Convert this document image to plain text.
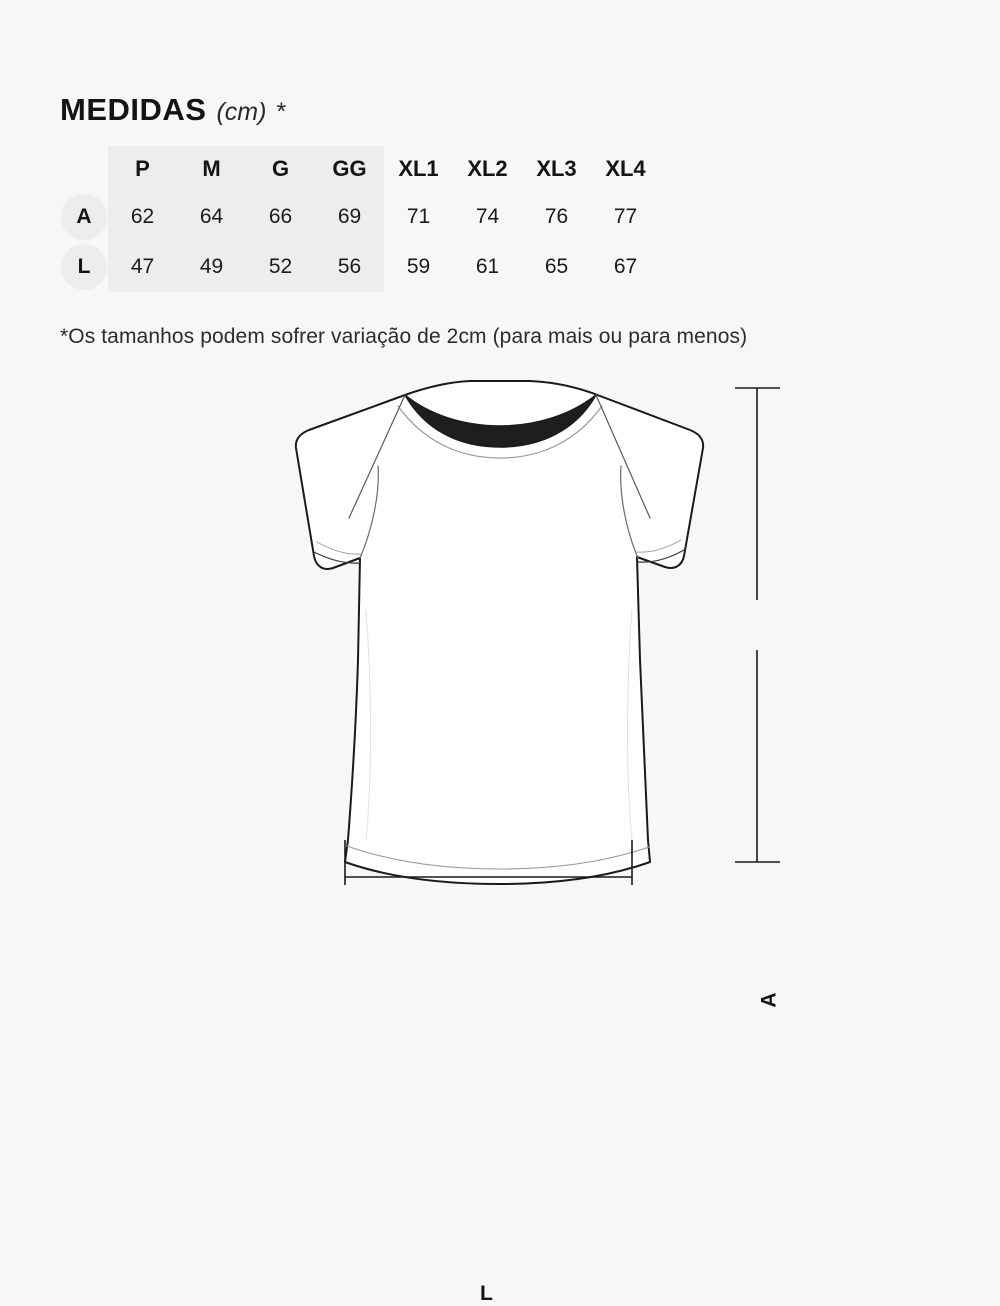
MEDIDAS (cm) *
	P	M	G	GG	XL1	XL2	XL3	XL4

A	62	64	66	69	71	74	76	77

L	47	49	52	56	59	61	65	67
*Os tamanhos podem sofrer variação de 2cm (para mais ou para menos)
A
L
